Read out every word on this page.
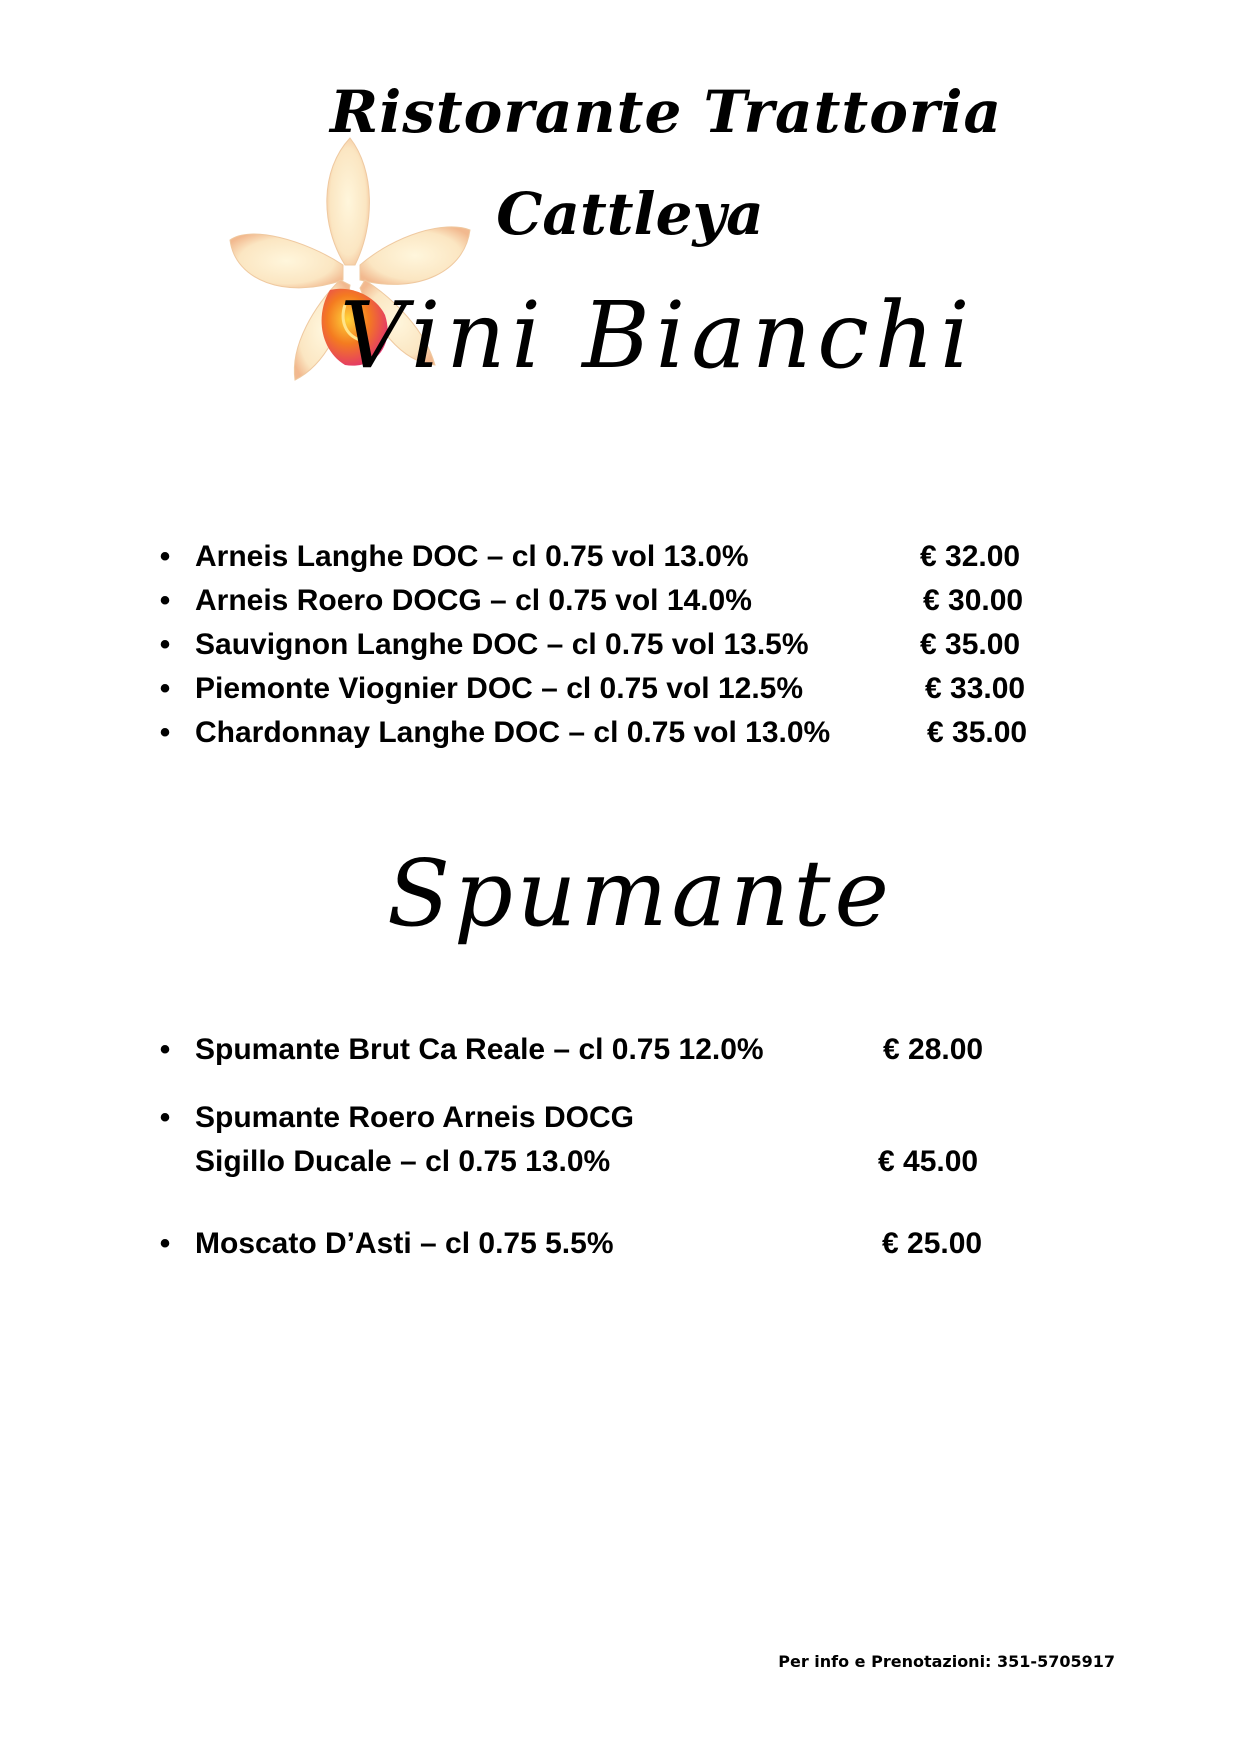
Ristorante Trattoria
Cattleya
Vini Bianchi
• Arneis Langhe DOC – cl 0.75 vol 13.0%	€ 32.00
• Arneis Roero DOCG – cl 0.75 vol 14.0%	€ 30.00
• Sauvignon Langhe DOC – cl 0.75 vol 13.5%	€ 35.00
• Piemonte Viognier DOC – cl 0.75 vol 12.5%	€ 33.00
• Chardonnay Langhe DOC – cl 0.75 vol 13.0%	€ 35.00
Spumante
• Spumante Brut Ca Reale – cl 0.75 12.0%	€ 28.00
• Spumante Roero Arneis DOCG
Sigillo Ducale – cl 0.75 13.0%	€ 45.00
• Moscato D’Asti – cl 0.75 5.5%	€ 25.00
Per info e Prenotazioni: 351-5705917
